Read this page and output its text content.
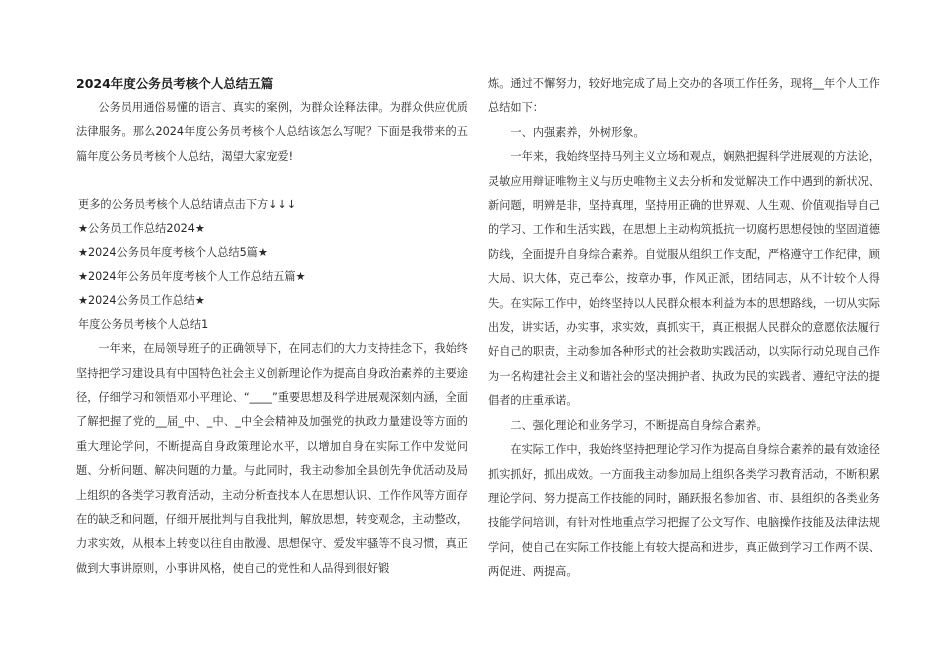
2024年度公务员考核个人总结五篇

公务员用通俗易懂的语言、真实的案例，为群众诠释法律。为群众供应优质法律服务。那么2024年度公务员考核个人总结该怎么写呢？下面是我带来的五篇年度公务员考核个人总结，渴望大家宠爱!

更多的公务员考核个人总结请点击下方↓↓↓

★公务员工作总结2024★

★2024公务员年度考核个人总结5篇★

★2024年公务员年度考核个人工作总结五篇★

★2024公务员工作总结★

年度公务员考核个人总结1

一年来，在局领导班子的正确领导下，在同志们的大力支持挂念下，我始终坚持把学习建设具有中国特色社会主义创新理论作为提高自身政治素养的主要途径，仔细学习和领悟邓小平理论、“____”重要思想及科学进展观深刻内涵，全面了解把握了党的__届_中、_中、_中全会精神及加强党的执政力量建设等方面的重大理论学问，不断提高自身政策理论水平，以增加自身在实际工作中发觉问题、分析问题、解决问题的力量。与此同时，我主动参加全县创先争优活动及局上组织的各类学习教育活动，主动分析查找本人在思想认识、工作作风等方面存在的缺乏和问题，仔细开展批判与自我批判，解放思想，转变观念，主动整改，力求实效，从根本上转变以往自由散漫、思想保守、爱发牢骚等不良习惯，真正做到大事讲原则，小事讲风格，使自己的党性和人品得到很好锻

炼。通过不懈努力，较好地完成了局上交办的各项工作任务，现将__年个人工作总结如下：

一、内强素养，外树形象。

一年来，我始终坚持马列主义立场和观点，娴熟把握科学进展观的方法论，灵敏应用辩证唯物主义与历史唯物主义去分析和发觉解决工作中遇到的新状况、新问题，明辨是非，坚持真理，坚持用正确的世界观、人生观、价值观指导自己的学习、工作和生活实践，在思想上主动构筑抵抗一切腐朽思想侵蚀的坚固道德防线，全面提升自身综合素养。自觉服从组织工作支配，严格遵守工作纪律，顾大局、识大体，克己奉公，按章办事，作风正派，团结同志，从不计较个人得失。在实际工作中，始终坚持以人民群众根本利益为本的思想路线，一切从实际出发，讲实话，办实事，求实效，真抓实干，真正根据人民群众的意愿依法履行好自己的职责，主动参加各种形式的社会救助实践活动，以实际行动兑现自己作为一名构建社会主义和谐社会的坚决拥护者、执政为民的实践者、遵纪守法的提倡者的庄重承诺。

二、强化理论和业务学习，不断提高自身综合素养。

在实际工作中，我始终坚持把理论学习作为提高自身综合素养的最有效途径抓实抓好，抓出成效。一方面我主动参加局上组织各类学习教育活动，不断积累理论学问、努力提高工作技能的同时，踊跃报名参加省、市、县组织的各类业务技能学问培训，有针对性地重点学习把握了公文写作、电脑操作技能及法律法规学问，使自己在实际工作技能上有较大提高和进步，真正做到学习工作两不误、两促进、两提高。
